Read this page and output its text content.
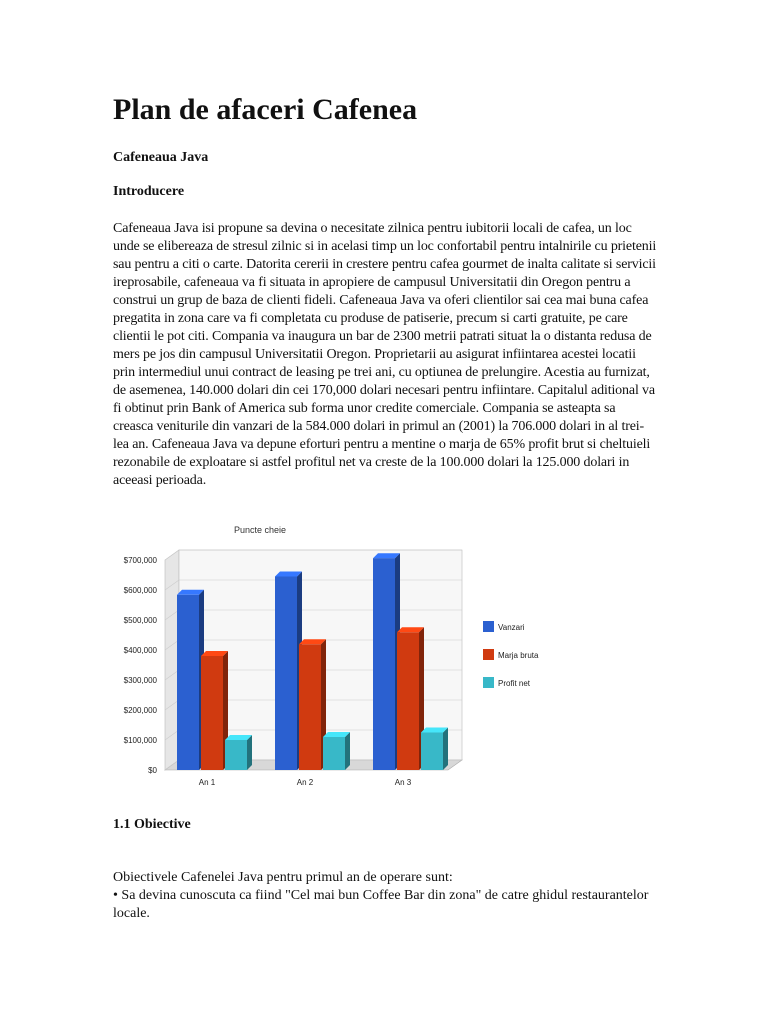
Plan de afaceri Cafenea

Cafeneaua Java

Introducere

Cafeneaua Java isi propune sa devina o necesitate zilnica pentru iubitorii locali de cafea, un loc unde se elibereaza de stresul zilnic si in acelasi timp un loc confortabil pentru intalnirile cu prietenii sau pentru a citi o carte. Datorita cererii in crestere pentru cafea gourmet de inalta calitate si servicii ireprosabile, cafeneaua va fi situata in apropiere de campusul Universitatii din Oregon pentru a construi un grup de baza de clienti fideli. Cafeneaua Java va oferi clientilor sai cea mai buna cafea pregatita in zona care va fi completata cu produse de patiserie, precum si carti gratuite, pe care clientii le pot citi. Compania va inaugura un bar de 2300 metrii patrati situat la o distanta redusa de mers pe jos din campusul Universitatii Oregon. Proprietarii au asigurat infiintarea acestei locatii prin intermediul unui contract de leasing pe trei ani, cu optiunea de prelungire. Acestia au furnizat, de asemenea, 140.000 dolari din cei 170,000 dolari necesari pentru infiintare. Capitalul aditional va fi obtinut prin Bank of America sub forma unor credite comerciale. Compania se asteapta sa creasca veniturile din vanzari de la 584.000 dolari in primul an (2001) la 706.000 dolari in al trei-lea an. Cafeneaua Java va depune eforturi pentru a mentine o marja de 65% profit brut si cheltuieli rezonabile de exploatare si astfel profitul net va creste de la 100.000 dolari la 125.000 dolari in aceeasi perioada.

1.1 Obiective

Obiectivele Cafenelei Java pentru primul an de operare sunt:

• Sa devina cunoscuta ca fiind "Cel mai bun Coffee Bar din zona" de catre ghidul restaurantelor locale.

Puncte cheie
$0
$100,000
$200,000
$300,000
$400,000
$500,000
$600,000
$700,000
An 1	An 2	An 3
Vanzari
Marja bruta
Profit net
